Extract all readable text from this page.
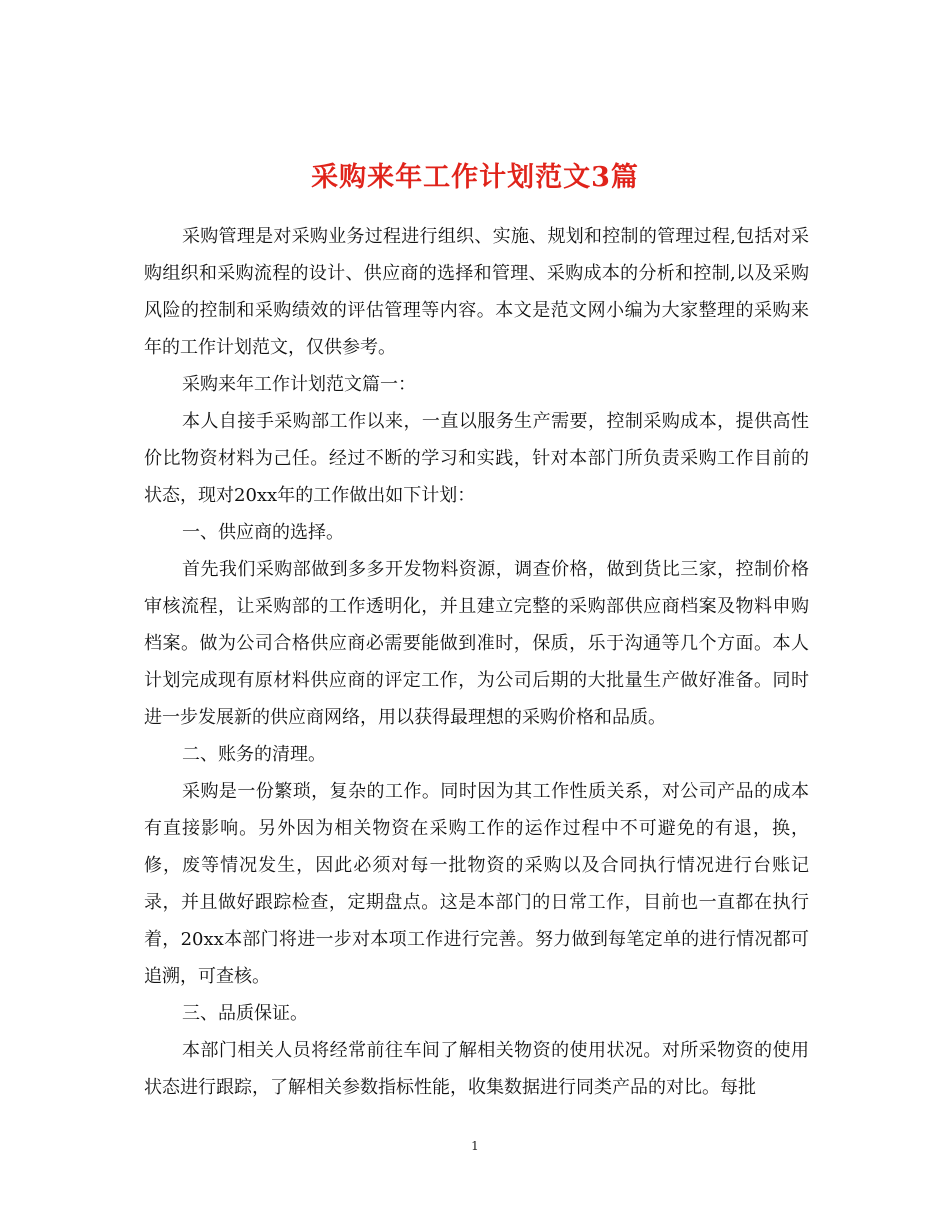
采购来年工作计划范文3篇

采购管理是对采购业务过程进行组织、实施、规划和控制的管理过程,包括对采购组织和采购流程的设计、供应商的选择和管理、采购成本的分析和控制,以及采购风险的控制和采购绩效的评估管理等内容。本文是范文网小编为大家整理的采购来年的工作计划范文，仅供参考。

采购来年工作计划范文篇一：

本人自接手采购部工作以来，一直以服务生产需要，控制采购成本，提供高性价比物资材料为己任。经过不断的学习和实践，针对本部门所负责采购工作目前的状态，现对20xx年的工作做出如下计划：

一、供应商的选择。

首先我们采购部做到多多开发物料资源，调查价格，做到货比三家，控制价格审核流程，让采购部的工作透明化，并且建立完整的采购部供应商档案及物料申购档案。做为公司合格供应商必需要能做到准时，保质，乐于沟通等几个方面。本人计划完成现有原材料供应商的评定工作，为公司后期的大批量生产做好准备。同时进一步发展新的供应商网络，用以获得最理想的采购价格和品质。

二、账务的清理。

采购是一份繁琐，复杂的工作。同时因为其工作性质关系，对公司产品的成本有直接影响。另外因为相关物资在采购工作的运作过程中不可避免的有退，换，修，废等情况发生，因此必须对每一批物资的采购以及合同执行情况进行台账记录，并且做好跟踪检查，定期盘点。这是本部门的日常工作，目前也一直都在执行着，20xx本部门将进一步对本项工作进行完善。努力做到每笔定单的进行情况都可追溯，可查核。

三、品质保证。

本部门相关人员将经常前往车间了解相关物资的使用状况。对所采物资的使用状态进行跟踪，了解相关参数指标性能，收集数据进行同类产品的对比。每批

1
